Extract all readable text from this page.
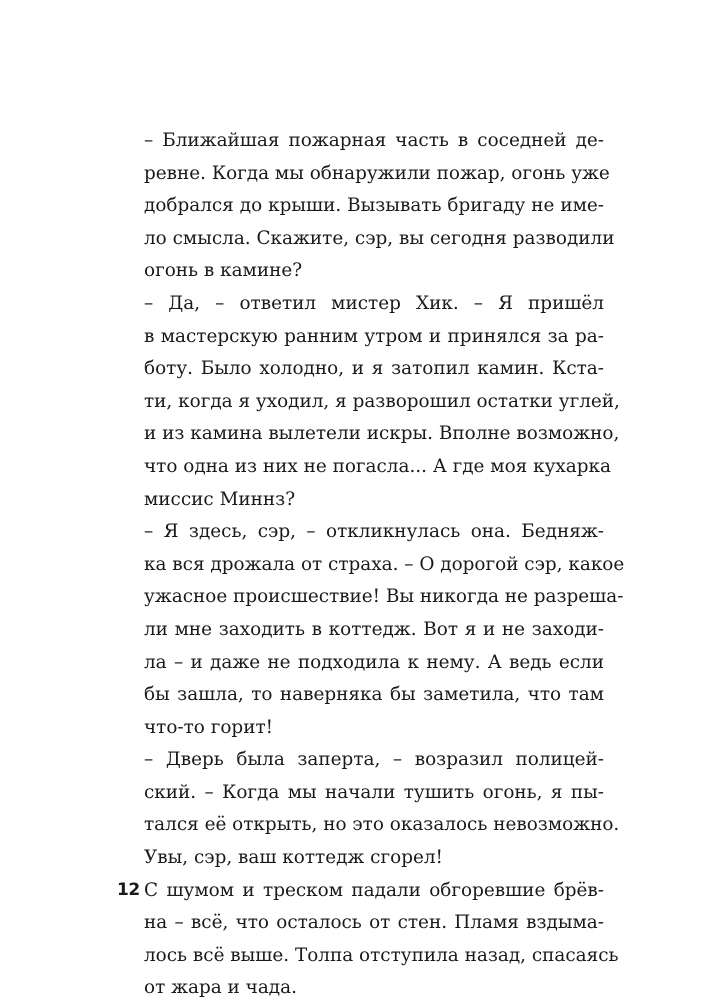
– Ближайшая пожарная часть в соседней де-
ревне. Когда мы обнаружили пожар, огонь уже
добрался до крыши. Вызывать бригаду не име-
ло смысла. Скажите, сэр, вы сегодня разводили
огонь в камине?

– Да, – ответил мистер Хик. – Я пришёл
в мастерскую ранним утром и принялся за ра-
боту. Было холодно, и я затопил камин. Кста-
ти, когда я уходил, я разворошил остатки углей,
и из камина вылетели искры. Вполне возможно,
что одна из них не погасла... А где моя кухарка
миссис Миннз?

– Я здесь, сэр, – откликнулась она. Бедняж-
ка вся дрожала от страха. – О дорогой сэр, какое
ужасное происшествие! Вы никогда не разреша-
ли мне заходить в коттедж. Вот я и не заходи-
ла – и даже не подходила к нему. А ведь если
бы зашла, то наверняка бы заметила, что там
что-то горит!

– Дверь была заперта, – возразил полицей-
ский. – Когда мы начали тушить огонь, я пы-
тался её открыть, но это оказалось невозможно.
Увы, сэр, ваш коттедж сгорел!

С шумом и треском падали обгоревшие брёв-
на – всё, что осталось от стен. Пламя вздыма-
лось всё выше. Толпа отступила назад, спасаясь
от жара и чада.

12
